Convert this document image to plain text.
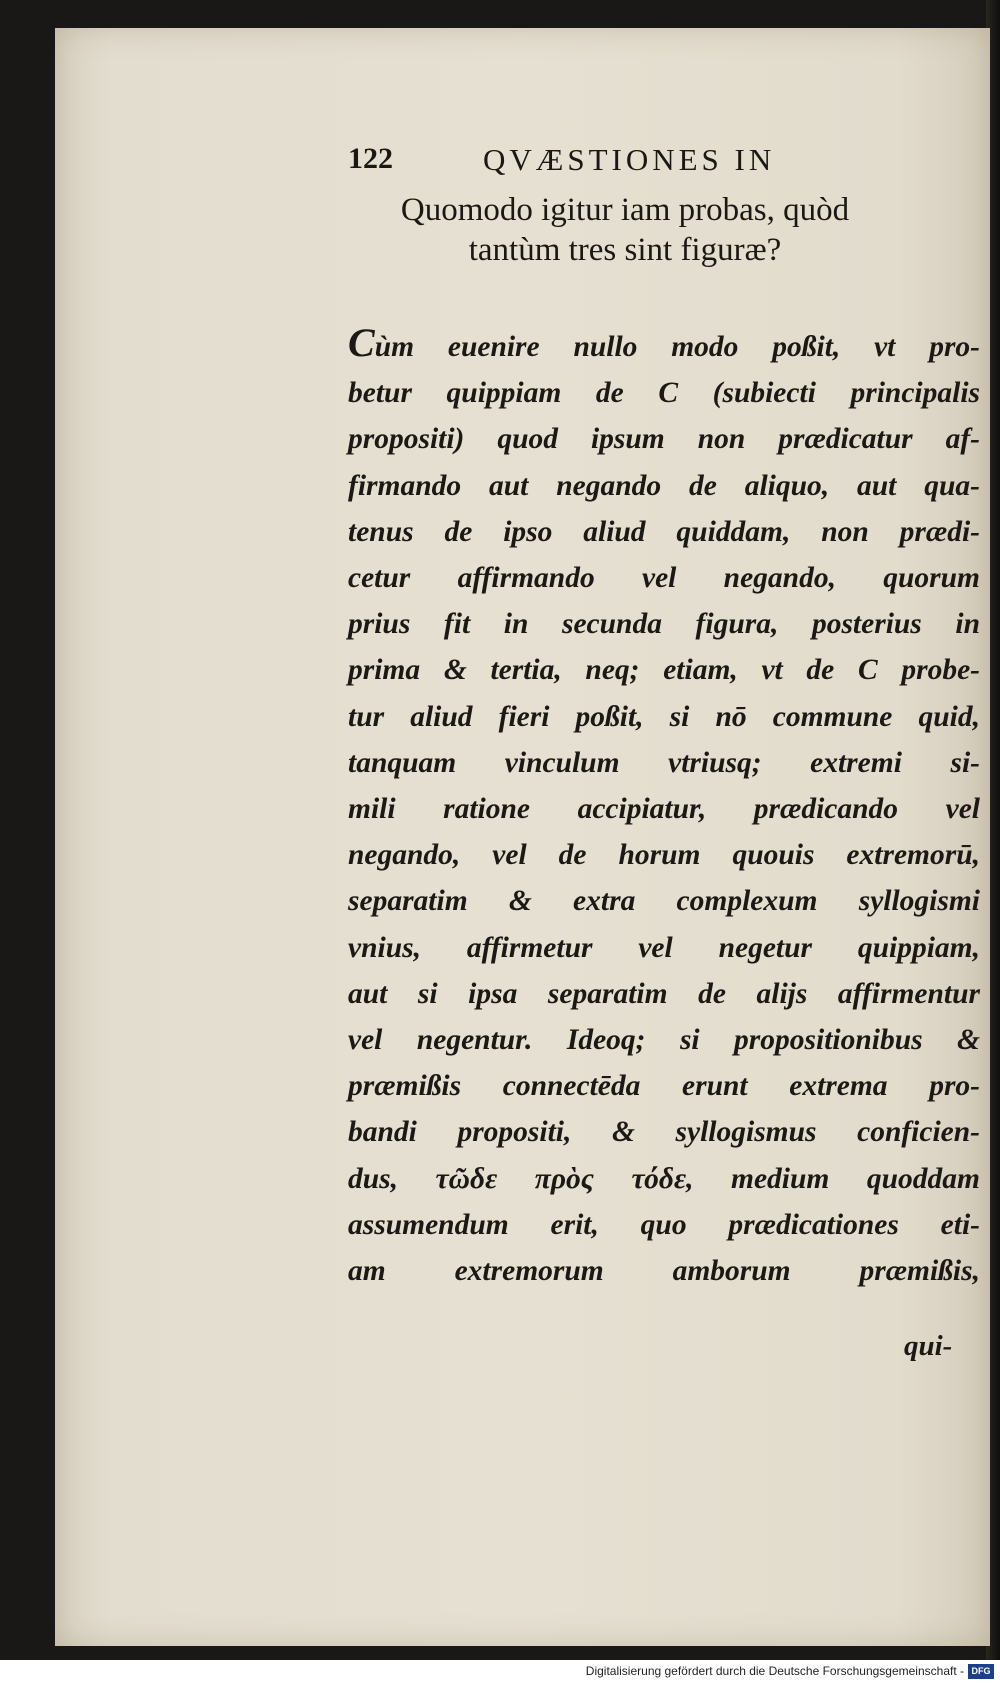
122	QVÆSTIONES IN
Quomodo igitur iam probas, quòd
tantùm tres sint figuræ?
Cùm euenire nullo modo poßit, vt pro-
betur quippiam de C (subiecti principalis
propositi) quod ipsum non prædicatur af-
firmando aut negando de aliquo, aut qua-
tenus de ipso aliud quiddam, non prædi-
cetur affirmando vel negando, quorum
prius fit in secunda figura, posterius in
prima & tertia, neq; etiam, vt de C probe-
tur aliud fieri poßit, si nō commune quid,
tanquam vinculum vtriusq; extremi si-
mili ratione accipiatur, prædicando vel
negando, vel de horum quouis extremorū,
separatim & extra complexum syllogismi
vnius, affirmetur vel negetur quippiam,
aut si ipsa separatim de alijs affirmentur
vel negentur. Ideoq; si propositionibus &
præmißis connectēda erunt extrema pro-
bandi propositi, & syllogismus conficien-
dus, τῶδε πρὸς τόδε, medium quoddam
assumendum erit, quo prædicationes eti-
am extremorum amborum præmißis,
qui-
Digitalisierung gefördert durch die Deutsche Forschungsgemeinschaft - DFG
